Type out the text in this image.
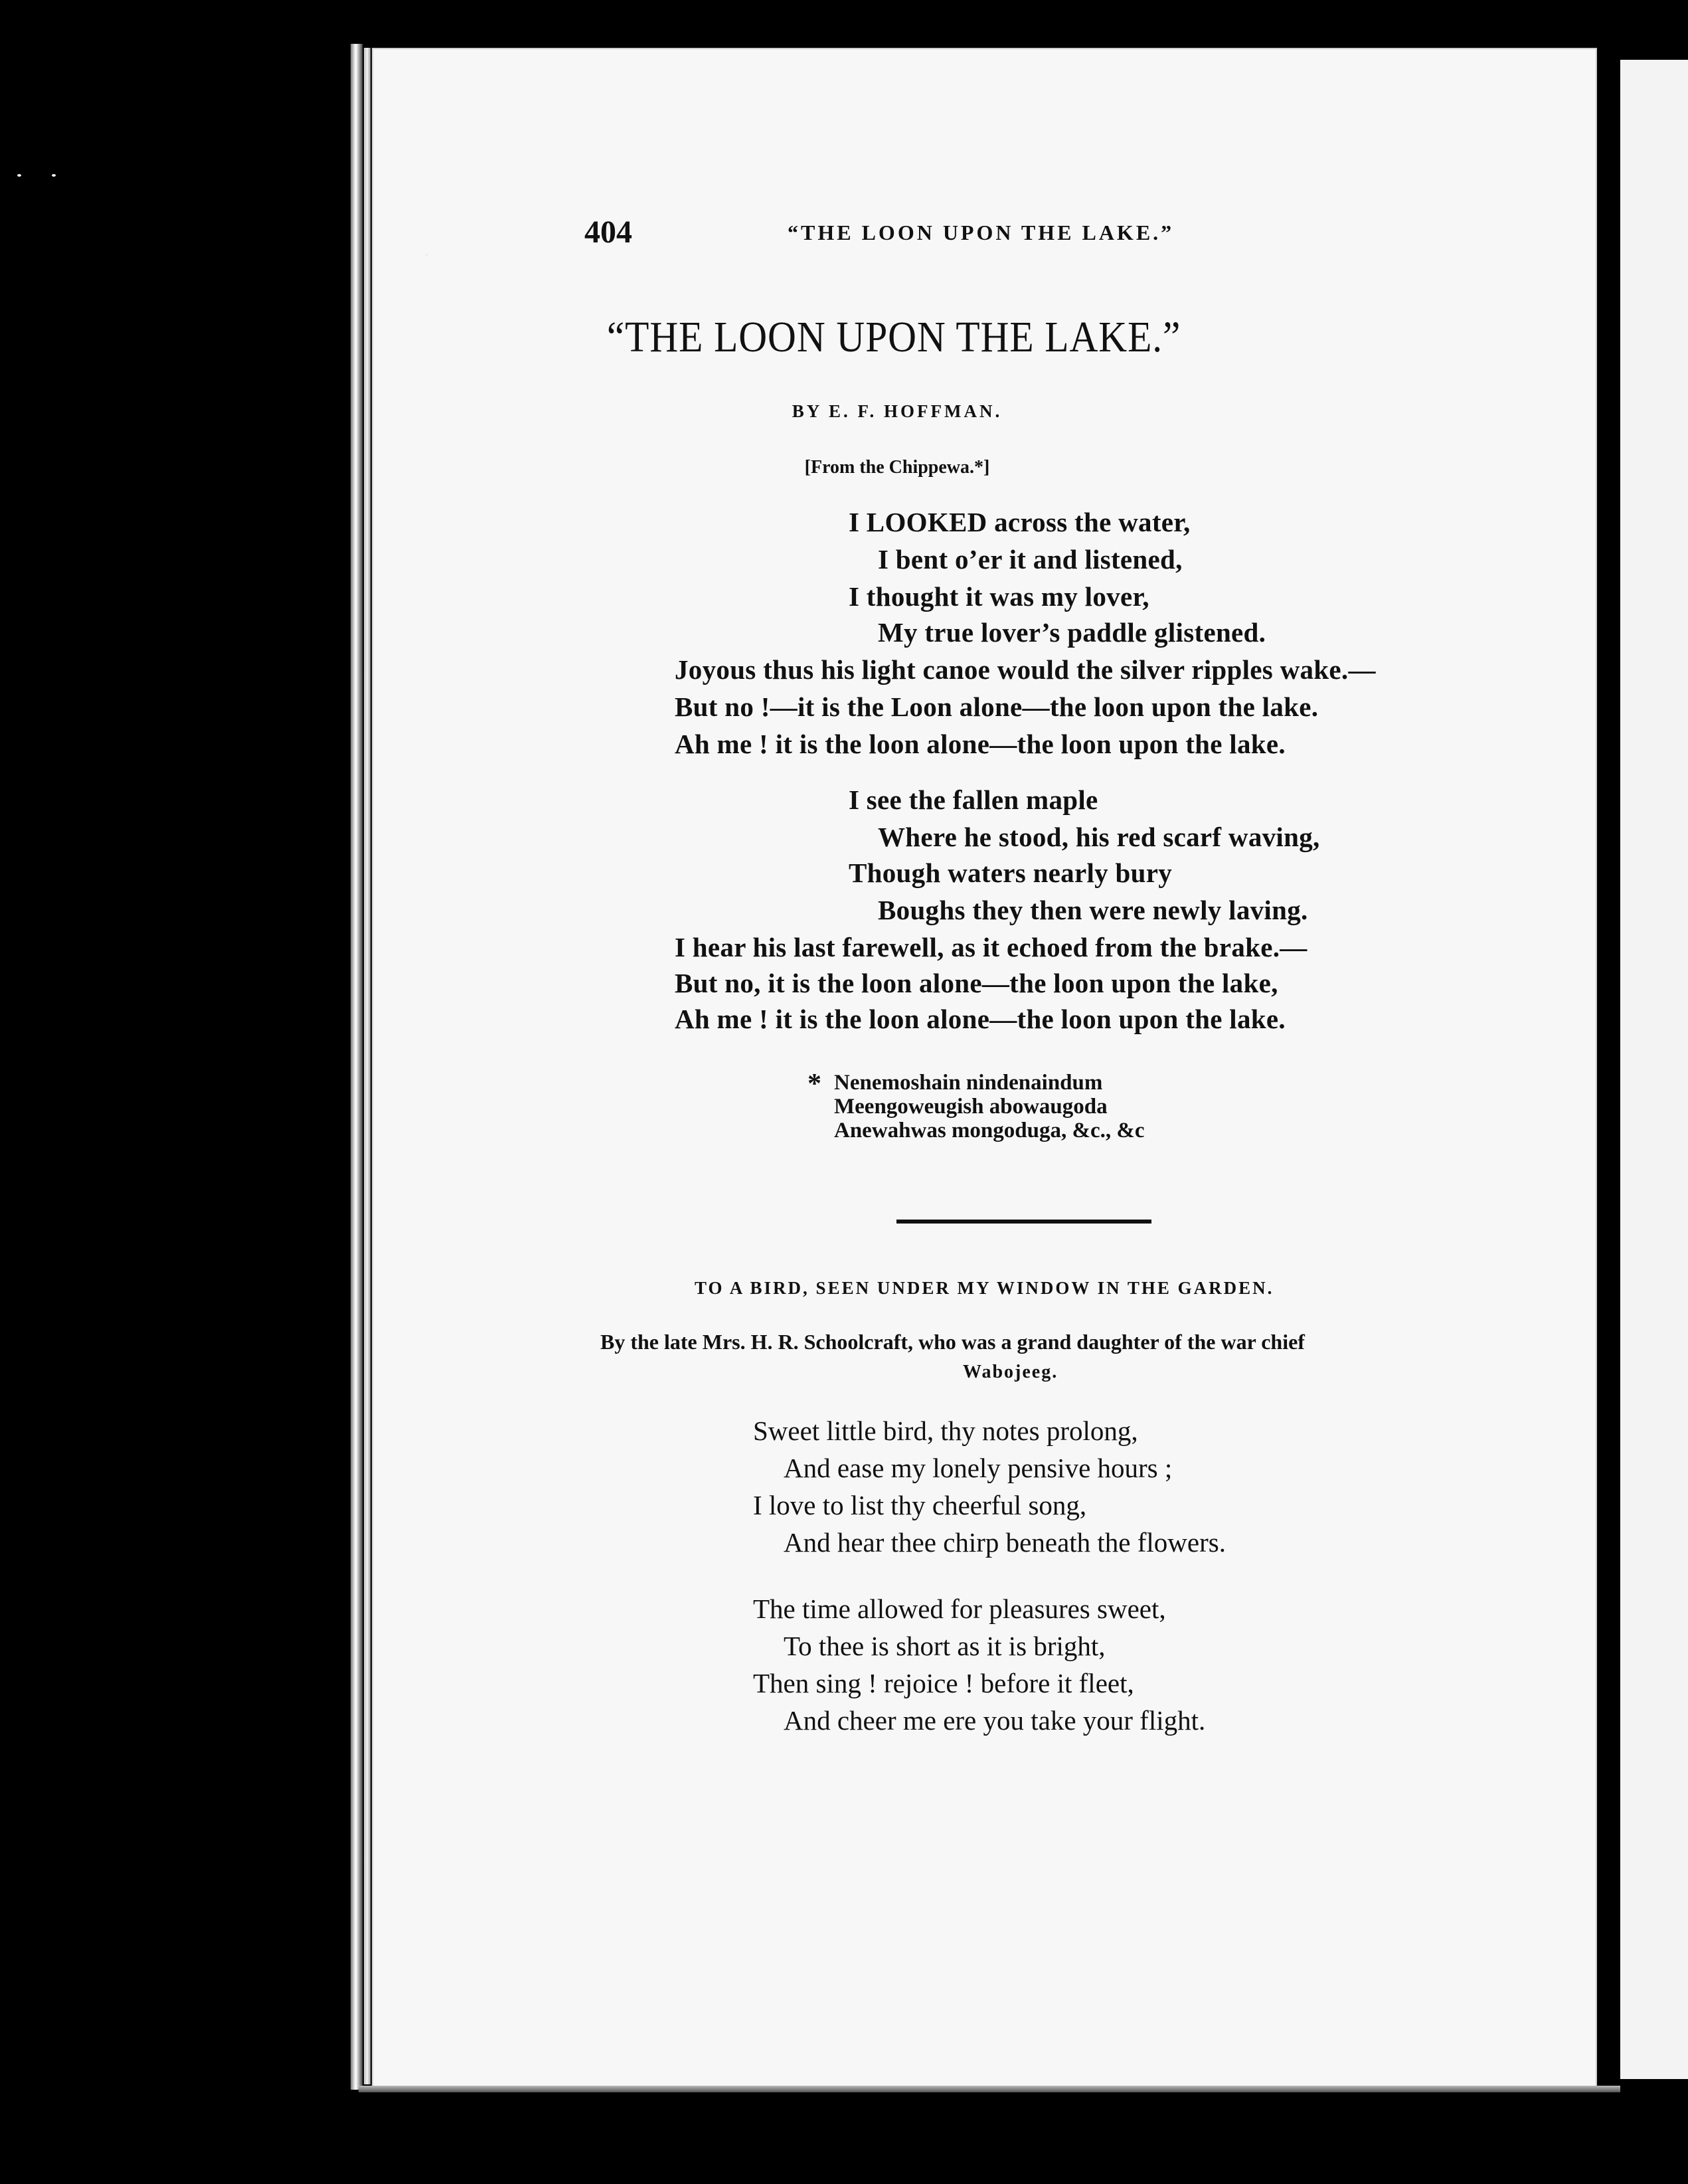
404	“THE LOON UPON THE LAKE.”
“THE LOON UPON THE LAKE.”
BY E. F. HOFFMAN.
[From the Chippewa.*]
I LOOKED across the water,
I bent o’er it and listened,
I thought it was my lover,
My true lover’s paddle glistened.
Joyous thus his light canoe would the silver ripples wake.—
But no !—it is the Loon alone—the loon upon the lake.
Ah me ! it is the loon alone—the loon upon the lake.
I see the fallen maple
Where he stood, his red scarf waving,
Though waters nearly bury
Boughs they then were newly laving.
I hear his last farewell, as it echoed from the brake.—
But no, it is the loon alone—the loon upon the lake,
Ah me ! it is the loon alone—the loon upon the lake.
* Nenemoshain nindenaindum
Meengoweugish abowaugoda
Anewahwas mongoduga, &c., &c
TO A BIRD, SEEN UNDER MY WINDOW IN THE GARDEN.
By the late Mrs. H. R. Schoolcraft, who was a grand daughter of the war chief
Wabojeeg.
Sweet little bird, thy notes prolong,
And ease my lonely pensive hours ;
I love to list thy cheerful song,
And hear thee chirp beneath the flowers.
The time allowed for pleasures sweet,
To thee is short as it is bright,
Then sing ! rejoice ! before it fleet,
And cheer me ere you take your flight.
